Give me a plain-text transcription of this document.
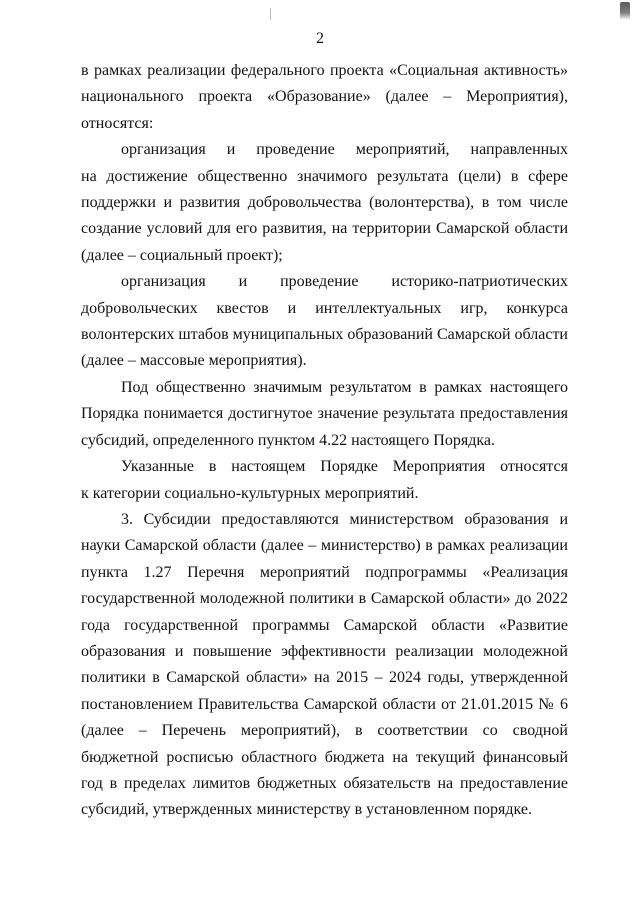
2

в рамках реализации федерального проекта «Социальная активность» национального проекта «Образование» (далее – Мероприятия), относятся:

организация и проведение мероприятий, направленных

на достижение общественно значимого результата (цели) в сфере поддержки и развития добровольчества (волонтерства), в том числе создание условий для его развития, на территории Самарской области (далее – социальный проект);

организация и проведение историко-патриотических

добровольческих квестов и интеллектуальных игр, конкурса волонтерских штабов муниципальных образований Самарской области (далее – массовые мероприятия).

Под общественно значимым результатом в рамках настоящего Порядка понимается достигнутое значение результата предоставления субсидий, определенного пунктом 4.22 настоящего Порядка.

Указанные в настоящем Порядке Мероприятия относятся

к категории социально-культурных мероприятий.

3. Субсидии предоставляются министерством образования и науки Самарской области (далее – министерство) в рамках реализации пункта 1.27 Перечня мероприятий подпрограммы «Реализация государственной молодежной политики в Самарской области» до 2022 года государственной программы Самарской области «Развитие образования и повышение эффективности реализации молодежной политики в Самарской области» на 2015 – 2024 годы, утвержденной постановлением Правительства Самарской области от 21.01.2015 № 6 (далее – Перечень мероприятий), в соответствии со сводной бюджетной росписью областного бюджета на текущий финансовый год в пределах лимитов бюджетных обязательств на предоставление субсидий, утвержденных министерству в установленном порядке.
